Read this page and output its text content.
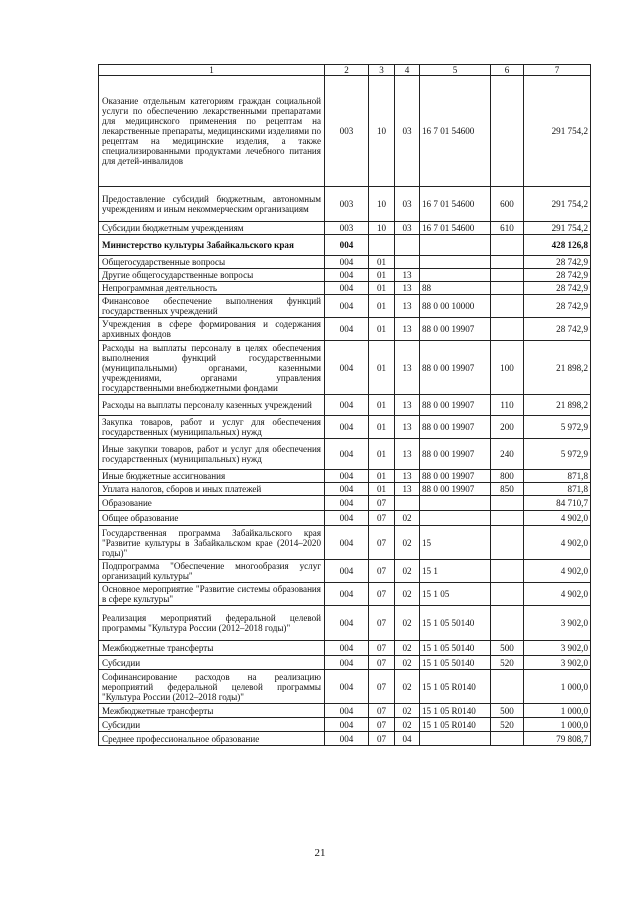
1	2	3	4	5	6	7
Оказание отдельным категориям граждан социальной услуги по обеспечению лекарственными препаратами для медицинского применения по рецептам на лекарственные препараты, медицинскими изделиями по рецептам на медицинские изделия, а также специализированными продуктами лечебного питания для детей-инвалидов	003	10	03	16 7 01 54600		291 754,2
Предоставление субсидий бюджетным, автономным учреждениям и иным некоммерческим организациям	003	10	03	16 7 01 54600	600	291 754,2
Субсидии бюджетным учреждениям	003	10	03	16 7 01 54600	610	291 754,2
Министерство культуры Забайкальского края	004					428 126,8
Общегосударственные вопросы	004	01				28 742,9
Другие общегосударственные вопросы	004	01	13			28 742,9
Непрограммная деятельность	004	01	13	88		28 742,9
Финансовое обеспечение выполнения функций государственных учреждений	004	01	13	88 0 00 10000		28 742,9
Учреждения в сфере формирования и содержания архивных фондов	004	01	13	88 0 00 19907		28 742,9
Расходы на выплаты персоналу в целях обеспечения выполнения функций государственными (муниципальными) органами, казенными учреждениями, органами управления государственными внебюджетными фондами	004	01	13	88 0 00 19907	100	21 898,2
Расходы на выплаты персоналу казенных учреждений	004	01	13	88 0 00 19907	110	21 898,2
Закупка товаров, работ и услуг для обеспечения государственных (муниципальных) нужд	004	01	13	88 0 00 19907	200	5 972,9
Иные закупки товаров, работ и услуг для обеспечения государственных (муниципальных) нужд	004	01	13	88 0 00 19907	240	5 972,9
Иные бюджетные ассигнования	004	01	13	88 0 00 19907	800	871,8
Уплата налогов, сборов и иных платежей	004	01	13	88 0 00 19907	850	871,8
Образование	004	07				84 710,7
Общее образование	004	07	02			4 902,0
Государственная программа Забайкальского края "Развитие культуры в Забайкальском крае (2014–2020 годы)"	004	07	02	15		4 902,0
Подпрограмма "Обеспечение многообразия услуг организаций культуры"	004	07	02	15 1		4 902,0
Основное мероприятие "Развитие системы образования в сфере культуры"	004	07	02	15 1 05		4 902,0
Реализация мероприятий федеральной целевой программы "Культура России (2012–2018 годы)"	004	07	02	15 1 05 50140		3 902,0
Межбюджетные трансферты	004	07	02	15 1 05 50140	500	3 902,0
Субсидии	004	07	02	15 1 05 50140	520	3 902,0
Софинансирование расходов на реализацию мероприятий федеральной целевой программы "Культура России (2012–2018 годы)"	004	07	02	15 1 05 R0140		1 000,0
Межбюджетные трансферты	004	07	02	15 1 05 R0140	500	1 000,0
Субсидии	004	07	02	15 1 05 R0140	520	1 000,0
Среднее профессиональное образование	004	07	04			79 808,7
21
